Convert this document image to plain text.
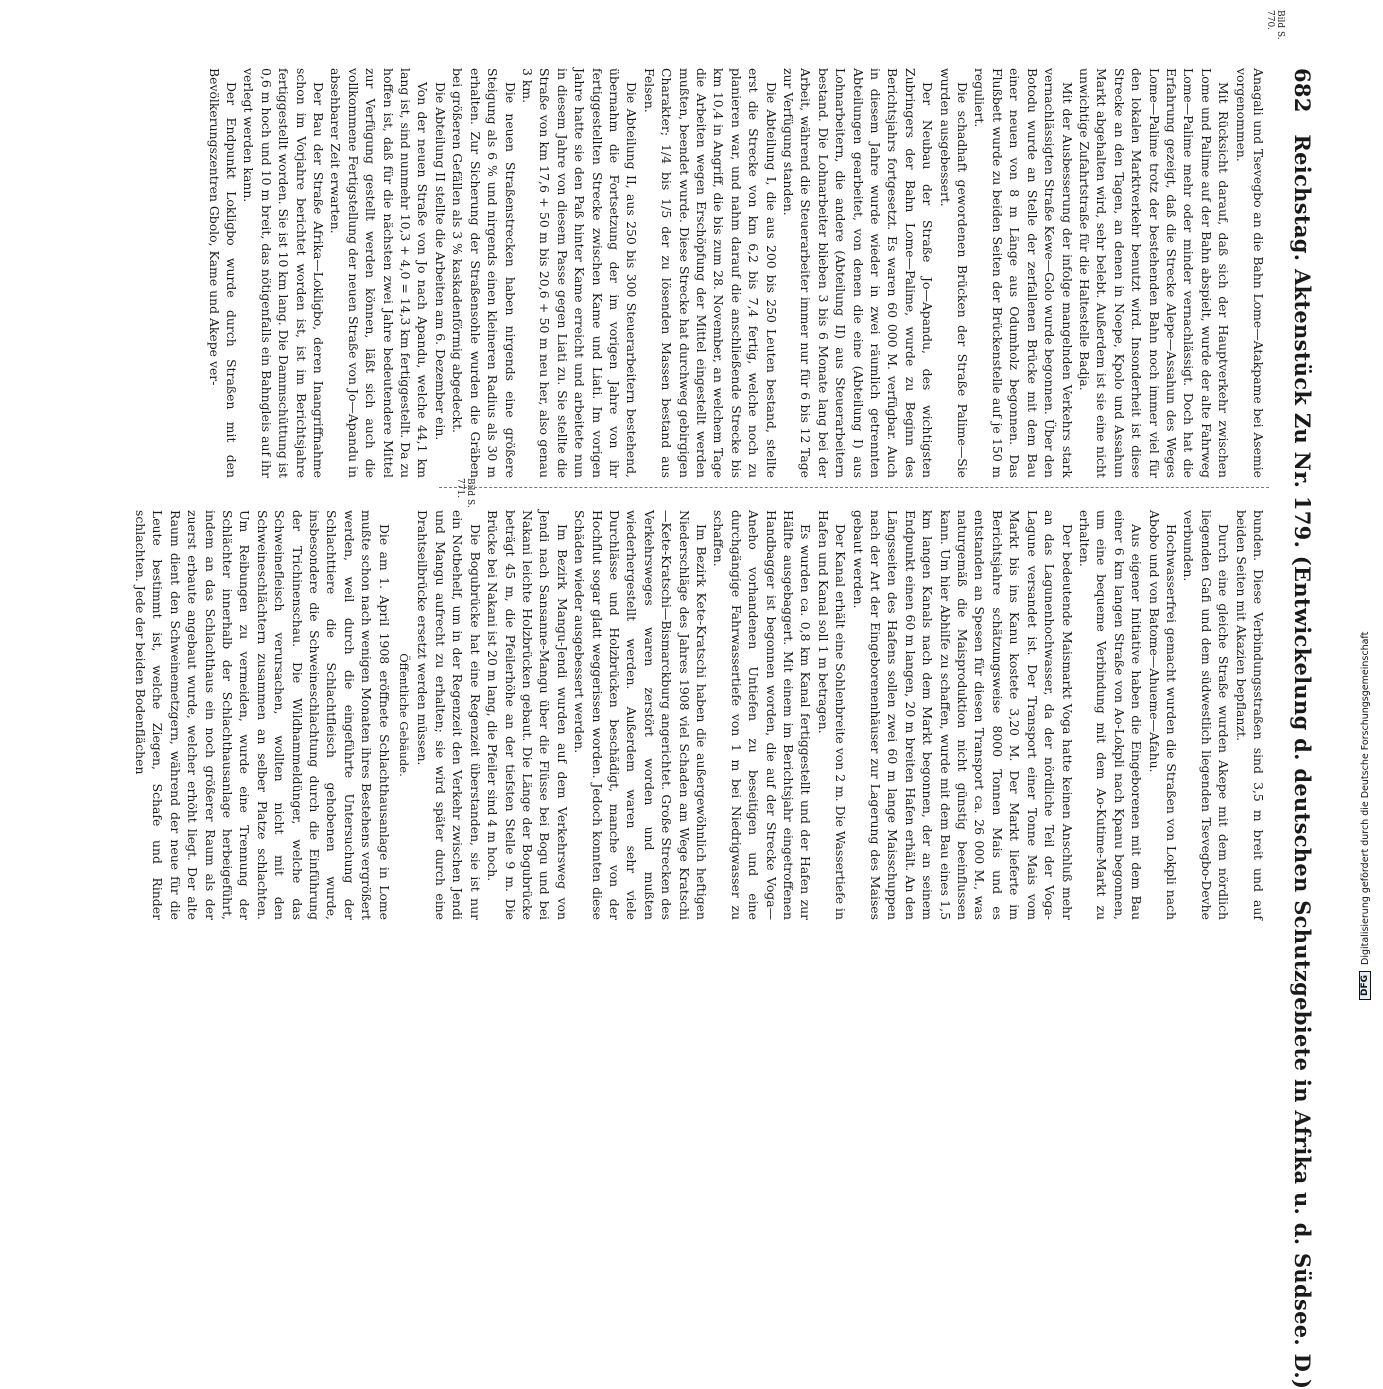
682 Reichstag. Aktenstück Zu Nr. 179. (Entwickelung d. deutschen Schutzgebiete in Afrika u. d. Südsee. D.)

Anagali und Tsevegbo an die Bahn Lome—Atakpame bei Asemie vorgenommen.

Mit Rücksicht darauf, daß sich der Hauptverkehr zwischen Lome und Palime auf der Bahn abspielt, wurde der alte Fahrweg Lome—Palime mehr oder minder vernachlässigt. Doch hat die Erfahrung gezeigt, daß die Strecke Alepe—Assahun des Weges Lome—Palime trotz der bestehenden Bahn noch immer viel für den lokalen Marktverkehr benutzt wird. Insonderheit ist diese Strecke an den Tagen, an denen in Noepe, Kpolo und Assahun Markt abgehalten wird, sehr belebt. Außerdem ist sie eine nicht unwichtige Zufahrtstraße für die Haltestelle Badja.

Mit der Ausbesserung der infolge mangelnden Verkehrs stark vernachlässigten Straße Kewe—Golo wurde begonnen. Über den Botodu wurde an Stelle der zerfallenen Brücke mit dem Bau einer neuen von 8 m Länge aus Odumholz begonnen. Das Flußbett wurde zu beiden Seiten der Brückenstelle auf je 150 m reguliert.

Die schadhaft gewordenen Brücken der Straße Palime—Sie wurden ausgebessert.

Der Neubau der Straße Jo—Apandu, des wichtigsten Zubringers der Bahn Lome—Palime, wurde zu Beginn des Berichtsjahrs fortgesetzt. Es waren 60 000 M. verfügbar. Auch in diesem Jahre wurde wieder in zwei räumlich getrennten Abteilungen gearbeitet, von denen die eine (Abteilung I) aus Lohnarbeitern, die andere (Abteilung II) aus Steuerarbeitern bestand. Die Lohnarbeiter blieben 3 bis 6 Monate lang bei der Arbeit, während die Steuerarbeiter immer nur für 6 bis 12 Tage zur Verfügung standen.

Die Abteilung I, die aus 200 bis 250 Leuten bestand, stellte erst die Strecke von km 6,2 bis 7,4 fertig, welche noch zu planieren war, und nahm darauf die anschließende Strecke bis km 10,4 in Angriff, die bis zum 28. November, an welchem Tage die Arbeiten wegen Erschöpfung der Mittel eingestellt werden mußten, beendet wurde. Diese Strecke hat durchweg gebirgigen Charakter; 1/4 bis 1/5 der zu lösenden Massen bestand aus Felsen.

Die Abteilung II, aus 250 bis 300 Steuerarbeitern bestehend, übernahm die Fortsetzung der im vorigen Jahre von ihr fertiggestellten Strecke zwischen Kame und Liati. Im vorigen Jahre hatte sie den Paß hinter Kame erreicht und arbeitete nun in diesem Jahre von diesem Passe gegen Liati zu. Sie stellte die Straße von km 17,6 + 50 m bis 20,6 + 50 m neu her, also genau 3 km.

Die neuen Straßenstrecken haben nirgends eine größere Steigung als 6 % und nirgends einen kleineren Radius als 30 m erhalten. Zur Sicherung der Straßensohle wurden die Gräben bei größeren Gefällen als 3 % kaskadenförmig abgedeckt.

Die Abteilung II stellte die Arbeiten am 6. Dezember ein.

Von der neuen Straße von Jo nach Apandu, welche 44,1 km lang ist, sind nunmehr 10,3 + 4,0 = 14,3 km fertiggestellt. Da zu hoffen ist, daß für die nächsten zwei Jahre bedeutendere Mittel zur Verfügung gestellt werden können, läßt sich auch die vollkommene Fertigstellung der neuen Straße von Jo—Apandu in absehbarer Zeit erwarten.

Der Bau der Straße Afrika—Lokligbo, deren Inangriffnahme schon im Vorjahre berichtet worden ist, ist im Berichtsjahre fertiggestellt worden. Sie ist 10 km lang. Die Dammschüttung ist 0,6 m hoch und 10 m breit, das nötigenfalls ein Bahngleis auf ihr verlegt werden kann.

Der Endpunkt Lokligbo wurde durch Straßen mit den Bevölkerungszentren Gbolo, Kame und Akepe ver-

bunden. Diese Verbindungsstraßen sind 3,5 m breit und auf beiden Seiten mit Akazien bepflanzt.

Durch eine gleiche Straße wurden Akepe mit dem nördlich liegenden Gafi und dem südwestlich liegenden Tsevegbo-Devhe verbunden.

Hochwasserfrei gemacht wurden die Straßen von Lokpli nach Abobo und von Batome—Ahueme—Afahu.

Aus eigener Initiative haben die Eingeborenen mit dem Bau einer 6 km langen Straße von Ao-Lokpli nach Kpanu begonnen, um eine bequeme Verbindung mit dem Ao-Kutime-Markt zu erhalten.

Der bedeutende Maismarkt Voga hatte keinen Anschluß mehr an das Lagunenhochwasser, da der nördliche Teil der Voga-Lagune versandet ist. Der Transport einer Tonne Mais vom Markt bis ins Kanu kostete 3,20 M. Der Markt lieferte im Berichtsjahre schätzungsweise 8000 Tonnen Mais und es entstanden an Spesen für diesen Transport ca. 26 000 M., was naturgemäß die Maisproduktion nicht günstig beeinflussen kann. Um hier Abhilfe zu schaffen, wurde mit dem Bau eines 1,5 km langen Kanals nach dem Markt begonnen, der an seinem Endpunkt einen 60 m langen, 20 m breiten Hafen erhält. An den Längsseiten des Hafens sollen zwei 60 m lange Maisschuppen nach der Art der Eingeborenenhäuser zur Lagerung des Maises gebaut werden.

Der Kanal erhält eine Sohlenbreite von 2 m. Die Wassertiefe in Hafen und Kanal soll 1 m betragen.

Es wurden ca. 0,8 km Kanal fertiggestellt und der Hafen zur Hälfte ausgebaggert. Mit einem im Berichtsjahr eingetroffenen Handbagger ist begonnen worden, die auf der Strecke Voga—Aneho vorhandenen Untiefen zu beseitigen und eine durchgängige Fahrwassertiefe von 1 m bei Niedrigwasser zu schaffen.

Im Bezirk Kete-Kratschi haben die außergewöhnlich heftigen Niederschläge des Jahres 1908 viel Schaden am Wege Kratschi—Kete-Kratschi—Bismarckburg angerichtet. Große Strecken des Verkehrsweges waren zerstört worden und mußten wiederhergestellt werden. Außerdem waren sehr viele Durchlässe und Holzbrücken beschädigt, manche von der Hochflut sogar glatt weggerissen worden. Jedoch konnten diese Schäden wieder ausgebessert werden.

Im Bezirk Mangu-Jendi wurden auf dem Verkehrsweg von Jendi nach Sansanne-Mangu über die Flüsse bei Bogu und bei Nakani leichte Holzbrücken gebaut. Die Länge der Bogubrücke beträgt 45 m, die Pfeilerhöhe an der tiefsten Stelle 9 m. Die Brücke bei Nakani ist 20 m lang, die Pfeiler sind 4 m hoch.

Die Bogubrücke hat eine Regenzeit überstanden, sie ist nur ein Notbehelf, um in der Regenzeit den Verkehr zwischen Jendi und Mangu aufrecht zu erhalten; sie wird später durch eine Drahtseilbrücke ersetzt werden müssen.

Öffentliche Gebäude.

Die am 1. April 1908 eröffnete Schlachthausanlage in Lome mußte schon nach wenigen Monaten ihres Bestehens vergrößert werden, weil durch die eingeführte Untersuchung der Schlachttiere die Schlachtfleisch gehobenen wurde, insbesondere die Schweineschlachtung durch die Einführung der Trichinenschau. Die Wildhammeldünger, welche das Schweinefleisch verursachen, wollten nicht mit den Schweineschlächtern zusammen an selber Platze schlachten. Um Reibungen zu vermeiden, wurde eine Trennung der Schlächter innerhalb der Schlachthausanlage herbeigeführt, indem an das Schlachthaus ein noch größerer Raum als der zuerst erbaute angebaut wurde, welcher erhöht liegt. Der alte Raum dient den Schweinemetzgern, während der neue für die Leute bestimmt ist, welche Ziegen, Schafe und Rinder schlachten. Jede der beiden Bodenflächen

Bild S. 770.
Bild S. 771.
DFG
Digitalisierung gefördert durch die Deutsche Forschungsgemeinschaft
